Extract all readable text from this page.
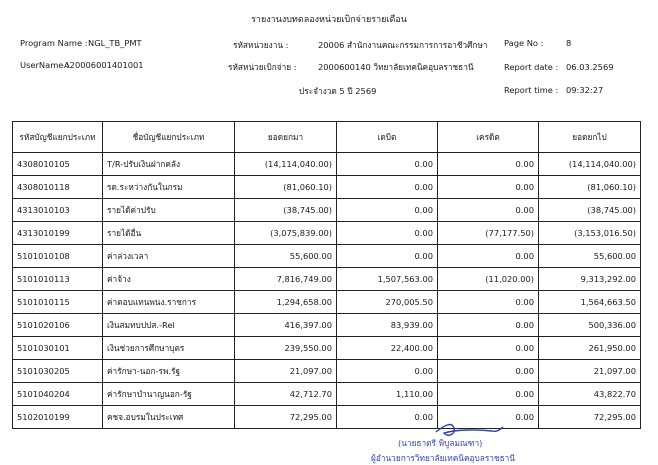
รายงานงบทดลองหน่วยเบิกจ่ายรายเดือน
Program Name : NGL_TB_PMT
UserName :
A20006001401001
รหัสหน่วยงาน :	20006 สำนักงานคณะกรรมการการอาชีวศึกษา
รหัสหน่วยเบิกจ่าย :	2000600140 วิทยาลัยเทคนิคอุบลราชธานี
ประจำงวด 5 ปี 2569
Page No :	8
Report date : 06.03.2569
Report time : 09:32:27
รหัสบัญชีแยกประเภท	ชื่อบัญชีแยกประเภท	ยอดยกมา	เดบิต	เครดิต	ยอดยกไป
4308010105	T/R-ปรับเงินฝากคลัง	(14,114,040.00)	0.00	0.00	(14,114,040.00)
4308010118	รด.ระหว่างกันในกรม	(81,060.10)	0.00	0.00	(81,060.10)
4313010103	รายได้ค่าปรับ	(38,745.00)	0.00	0.00	(38,745.00)
4313010199	รายได้อื่น	(3,075,839.00)	0.00	(77,177.50)	(3,153,016.50)
5101010108	ค่าล่วงเวลา	55,600.00	0.00	0.00	55,600.00
5101010113	ค่าจ้าง	7,816,749.00	1,507,563.00	(11,020.00)	9,313,292.00
5101010115	ค่าตอบแทนพนง.ราชการ	1,294,658.00	270,005.50	0.00	1,564,663.50
5101020106	เงินสมทบปปส.-Rel	416,397.00	83,939.00	0.00	500,336.00
5101030101	เงินช่วยการศึกษาบุตร	239,550.00	22,400.00	0.00	261,950.00
5101030205	ค่ารักษา-นอก-รพ.รัฐ	21,097.00	0.00	0.00	21,097.00
5101040204	ค่ารักษาบำนาญนอก-รัฐ	42,712.70	1,110.00	0.00	43,822.70
5102010199	คชจ.อบรมในประเทศ	72,295.00	0.00	0.00	72,295.00
(นายธาตรี พิบูลมณฑา)
ผู้อำนวยการวิทยาลัยเทคนิคอุบลราชธานี
